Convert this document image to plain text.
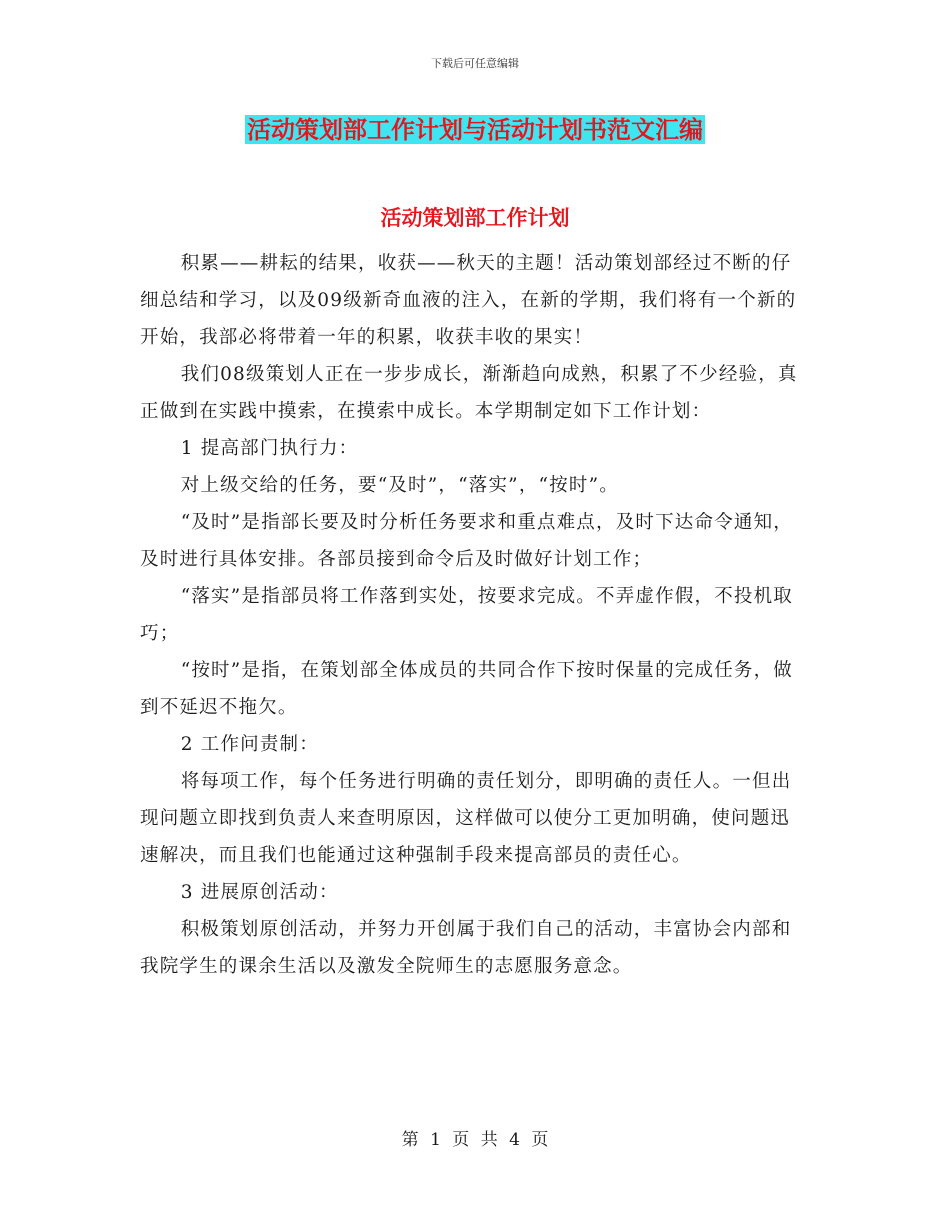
下载后可任意编辑
活动策划部工作计划与活动计划书范文汇编
活动策划部工作计划

积累——耕耘的结果，收获——秋天的主题！活动策划部经过不断的仔细总结和学习，以及09级新奇血液的注入，在新的学期，我们将有一个新的开始，我部必将带着一年的积累，收获丰收的果实！

我们08级策划人正在一步步成长，渐渐趋向成熟，积累了不少经验，真正做到在实践中摸索，在摸索中成长。本学期制定如下工作计划：

1 提高部门执行力：

对上级交给的任务，要“及时”，“落实”，“按时”。

“及时”是指部长要及时分析任务要求和重点难点，及时下达命令通知，及时进行具体安排。各部员接到命令后及时做好计划工作；

“落实”是指部员将工作落到实处，按要求完成。不弄虚作假，不投机取巧；

“按时”是指，在策划部全体成员的共同合作下按时保量的完成任务，做到不延迟不拖欠。

2 工作问责制：

将每项工作，每个任务进行明确的责任划分，即明确的责任人。一但出现问题立即找到负责人来查明原因，这样做可以使分工更加明确，使问题迅速解决，而且我们也能通过这种强制手段来提高部员的责任心。

3 进展原创活动：

积极策划原创活动，并努力开创属于我们自己的活动，丰富协会内部和我院学生的课余生活以及激发全院师生的志愿服务意念。

第 1 页 共 4 页
